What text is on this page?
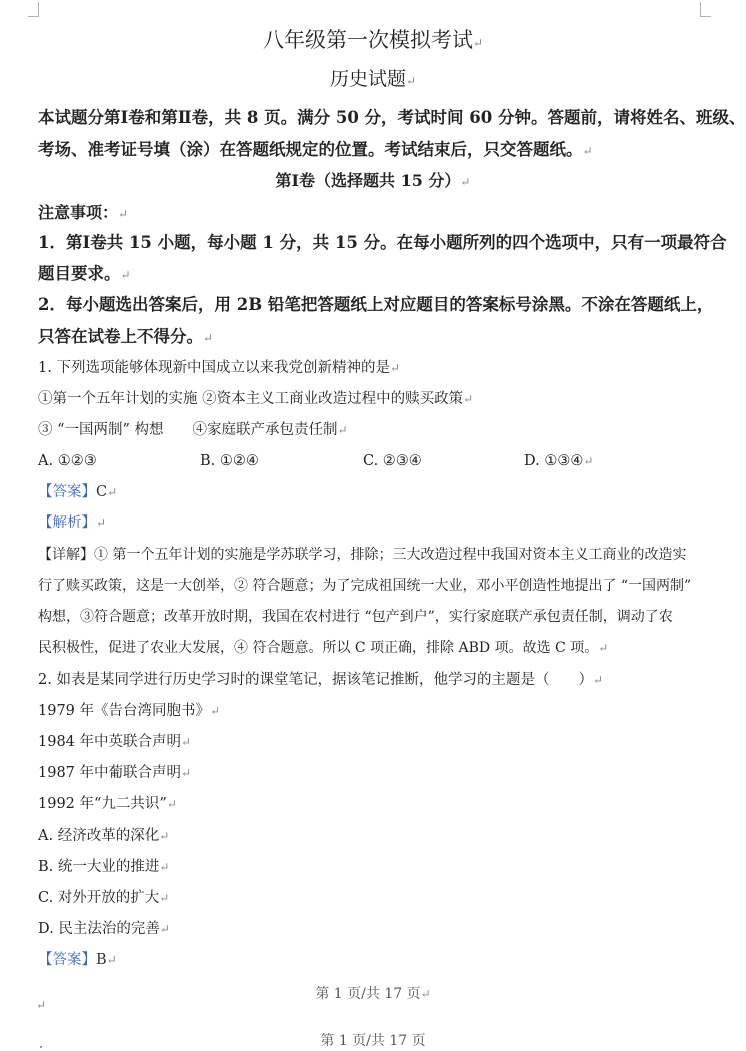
八年级第一次模拟考试↵
历史试题↵
本试题分第Ⅰ卷和第Ⅱ卷，共 8 页。满分 50 分，考试时间 60 分钟。答题前，请将姓名、班级、
考场、准考证号填（涂）在答题纸规定的位置。考试结束后，只交答题纸。↵
第Ⅰ卷（选择题共 15 分）↵
注意事项：↵
1．第Ⅰ卷共 15 小题，每小题 1 分，共 15 分。在每小题所列的四个选项中，只有一项最符合
题目要求。↵
2．每小题选出答案后，用 2B 铅笔把答题纸上对应题目的答案标号涂黑。不涂在答题纸上，
只答在试卷上不得分。↵
1. 下列选项能够体现新中国成立以来我党创新精神的是↵
①第一个五年计划的实施 ②资本主义工商业改造过程中的赎买政策↵
③ “一国两制” 构想　　④家庭联产承包责任制↵
A. ①②③	B. ①②④	C. ②③④	D. ①③④↵
【答案】C↵
【解析】↵
【详解】① 第一个五年计划的实施是学苏联学习，排除；三大改造过程中我国对资本主义工商业的改造实
行了赎买政策，这是一大创举，② 符合题意；为了完成祖国统一大业，邓小平创造性地提出了 “一国两制”
构想，③符合题意；改革开放时期，我国在农村进行 “包产到户”，实行家庭联产承包责任制，调动了农
民积极性，促进了农业大发展，④ 符合题意。所以 C 项正确，排除 ABD 项。故选 C 项。↵
2. 如表是某同学进行历史学习时的课堂笔记，据该笔记推断，他学习的主题是（　　）↵
1979 年《告台湾同胞书》↵
1984 年中英联合声明↵
1987 年中葡联合声明↵
1992 年“九二共识”↵
A. 经济改革的深化↵
B. 统一大业的推进↵
C. 对外开放的扩大↵
D. 民主法治的完善↵
【答案】B↵
第 1 页/共 17 页↵
↵
第 1 页/共 17 页
